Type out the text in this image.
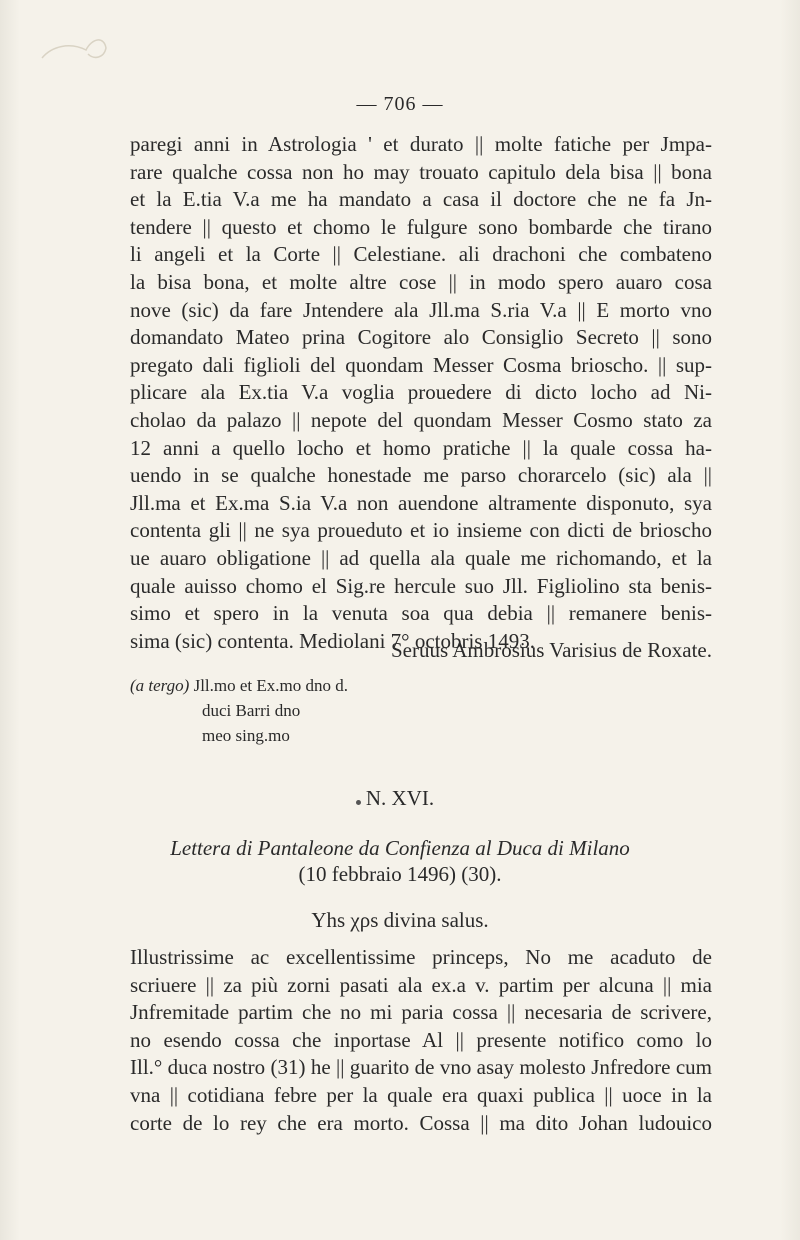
— 706 —
paregi anni in Astrologia ' et durato || molte fatiche per Jmpa-
rare qualche cossa non ho may trouato capitulo dela bisa || bona
et la E.tia V.a me ha mandato a casa il doctore che ne fa Jn-
tendere || questo et chomo le fulgure sono bombarde che tirano
li angeli et la Corte || Celestiane. ali drachoni che combateno
la bisa bona, et molte altre cose || in modo spero auaro cosa
nove (sic) da fare Jntendere ala Jll.ma S.ria V.a || E morto vno
domandato Mateo prina Cogitore alo Consiglio Secreto || sono
pregato dali figlioli del quondam Messer Cosma brioscho. || sup-
plicare ala Ex.tia V.a voglia prouedere di dicto locho ad Ni-
cholao da palazo || nepote del quondam Messer Cosmo stato za
12 anni a quello locho et homo pratiche || la quale cossa ha-
uendo in se qualche honestade me parso chorarcelo (sic) ala ||
Jll.ma et Ex.ma S.ia V.a non auendone altramente disponuto, sya
contenta gli || ne sya proueduto et io insieme con dicti de brioscho
ue auaro obligatione || ad quella ala quale me richomando, et la
quale auisso chomo el Sig.re hercule suo Jll. Figliolino sta benis-
simo et spero in la venuta soa qua debia || remanere benis-
sima (sic) contenta. Mediolani 7° octobris 1493.
Seruus Ambrosius Varisius de Roxate.
(a tergo) Jll.mo et Ex.mo dno d.
duci Barri dno
meo sing.mo
N. XVI.
Lettera di Pantaleone da Confienza al Duca di Milano
(10 febbraio 1496) (30).
Yhs χρs divina salus.
Illustrissime ac excellentissime princeps, No me acaduto de
scriuere || za più zorni pasati ala ex.a v. partim per alcuna || mia
Jnfremitade partim che no mi paria cossa || necesaria de scrivere,
no esendo cossa che inportase Al || presente notifico como lo
Ill.° duca nostro (31) he || guarito de vno asay molesto Jnfredore cum
vna || cotidiana febre per la quale era quaxi publica || uoce in la
corte de lo rey che era morto. Cossa || ma dito Johan ludouico
